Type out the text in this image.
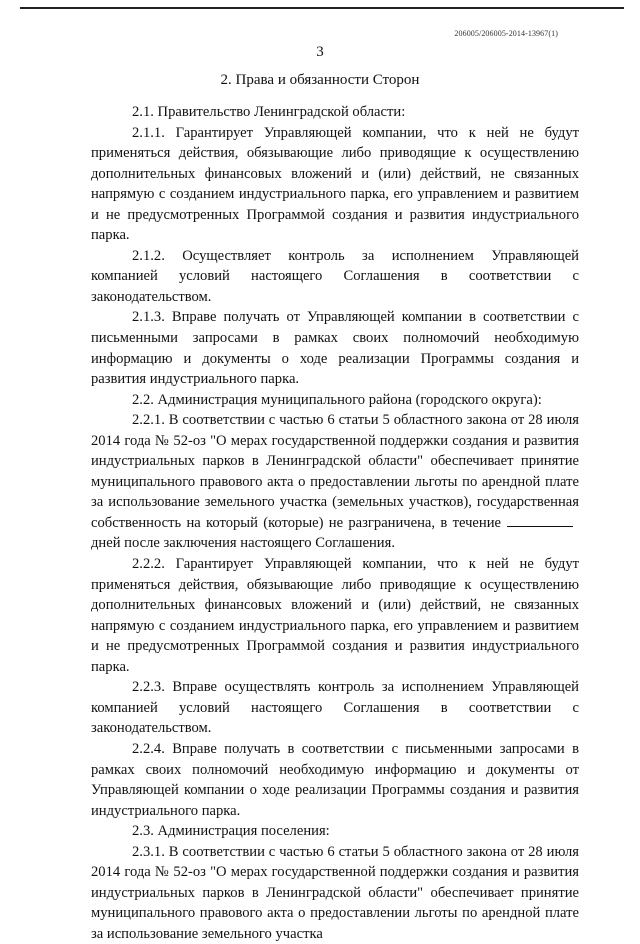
206005/206005-2014-13967(1)
3
2. Права и обязанности Сторон

2.1. Правительство Ленинградской области:

2.1.1. Гарантирует Управляющей компании, что к ней не будут применяться действия, обязывающие либо приводящие к осуществлению дополнительных финансовых вложений и (или) действий, не связанных напрямую с созданием индустриального парка, его управлением и развитием и не предусмотренных Программой создания и развития индустриального парка.

2.1.2. Осуществляет контроль за исполнением Управляющей компанией условий настоящего Соглашения в соответствии с законодательством.

2.1.3. Вправе получать от Управляющей компании в соответствии с письменными запросами в рамках своих полномочий необходимую информацию и документы о ходе реализации Программы создания и развития индустриального парка.

2.2. Администрация муниципального района (городского округа):

2.2.1. В соответствии с частью 6 статьи 5 областного закона от 28 июля 2014 года № 52-оз "О мерах государственной поддержки создания и развития индустриальных парков в Ленинградской области" обеспечивает принятие муниципального правового акта о предоставлении льготы по арендной плате за использование земельного участка (земельных участков), государственная собственность на который (которые) не разграничена, в течениедней после заключения настоящего Соглашения.

2.2.2. Гарантирует Управляющей компании, что к ней не будут применяться действия, обязывающие либо приводящие к осуществлению дополнительных финансовых вложений и (или) действий, не связанных напрямую с созданием индустриального парка, его управлением и развитием и не предусмотренных Программой создания и развития индустриального парка.

2.2.3. Вправе осуществлять контроль за исполнением Управляющей компанией условий настоящего Соглашения в соответствии с законодательством.

2.2.4. Вправе получать в соответствии с письменными запросами в рамках своих полномочий необходимую информацию и документы от Управляющей компании о ходе реализации Программы создания и развития индустриального парка.

2.3. Администрация поселения:

2.3.1. В соответствии с частью 6 статьи 5 областного закона от 28 июля 2014 года № 52-оз "О мерах государственной поддержки создания и развития индустриальных парков в Ленинградской области" обеспечивает принятие муниципального правового акта о предоставлении льготы по арендной плате за использование земельного участка
